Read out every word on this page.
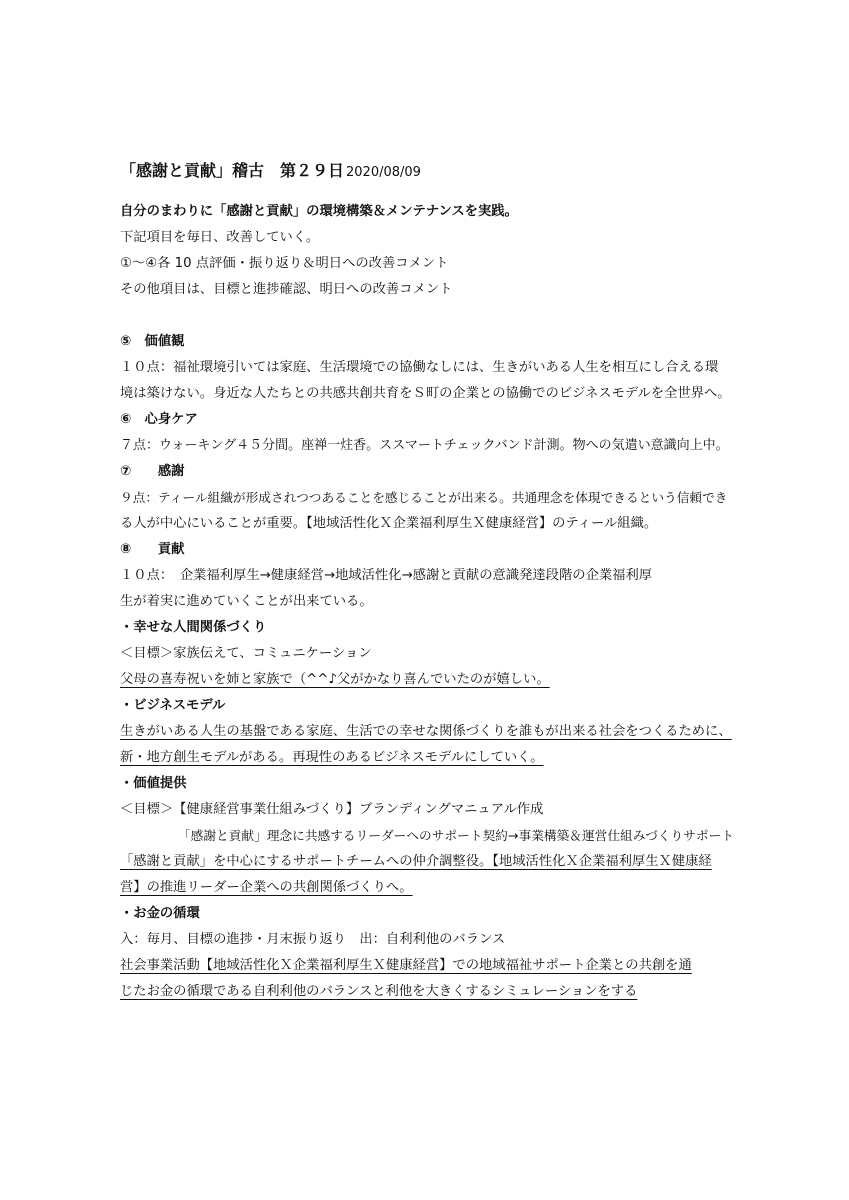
「感謝と貢献」稽古　第２９日 2020/08/09

自分のまわりに「感謝と貢献」の環境構築＆メンテナンスを実践。

下記項目を毎日、改善していく。

①～④各 10 点評価・振り返り＆明日への改善コメント

その他項目は、目標と進捗確認、明日への改善コメント

⑤　価値観

１０点：福祉環境引いては家庭、生活環境での協働なしには、生きがいある人生を相互にし合える環

境は築けない。身近な人たちとの共感共創共育をＳ町の企業との協働でのビジネスモデルを全世界へ。

⑥　心身ケア

７点：ウォーキング４５分間。座禅一炷香。ススマートチェックバンド計測。物への気遣い意識向上中。

⑦　　感謝

９点：ティール組織が形成されつつあることを感じることが出来る。共通理念を体現できるという信頼でき

る人が中心にいることが重要。【地域活性化Ｘ企業福利厚生Ｘ健康経営】のティール組織。

⑧　　貢献

１０点：　企業福利厚生→健康経営→地域活性化→感謝と貢献の意識発達段階の企業福利厚

生が着実に進めていくことが出来ている。

・幸せな人間関係づくり

＜目標＞家族伝えて、コミュニケーション

父母の喜寿祝いを姉と家族で（^^♪父がかなり喜んでいたのが嬉しい。

・ビジネスモデル

生きがいある人生の基盤である家庭、生活での幸せな関係づくりを誰もが出来る社会をつくるために、

新・地方創生モデルがある。再現性のあるビジネスモデルにしていく。

・価値提供

＜目標＞【健康経営事業仕組みづくり】ブランディングマニュアル作成

「感謝と貢献」理念に共感するリーダーへのサポート契約→事業構築＆運営仕組みづくりサポート

「感謝と貢献」を中心にするサポートチームへの仲介調整役。【地域活性化Ｘ企業福利厚生Ｘ健康経

営】の推進リーダー企業への共創関係づくりへ。

・お金の循環

入：毎月、目標の進捗・月末振り返り　出：自利利他のバランス

社会事業活動【地域活性化Ｘ企業福利厚生Ｘ健康経営】での地域福祉サポート企業との共創を通

じたお金の循環である自利利他のバランスと利他を大きくするシミュレーションをする
